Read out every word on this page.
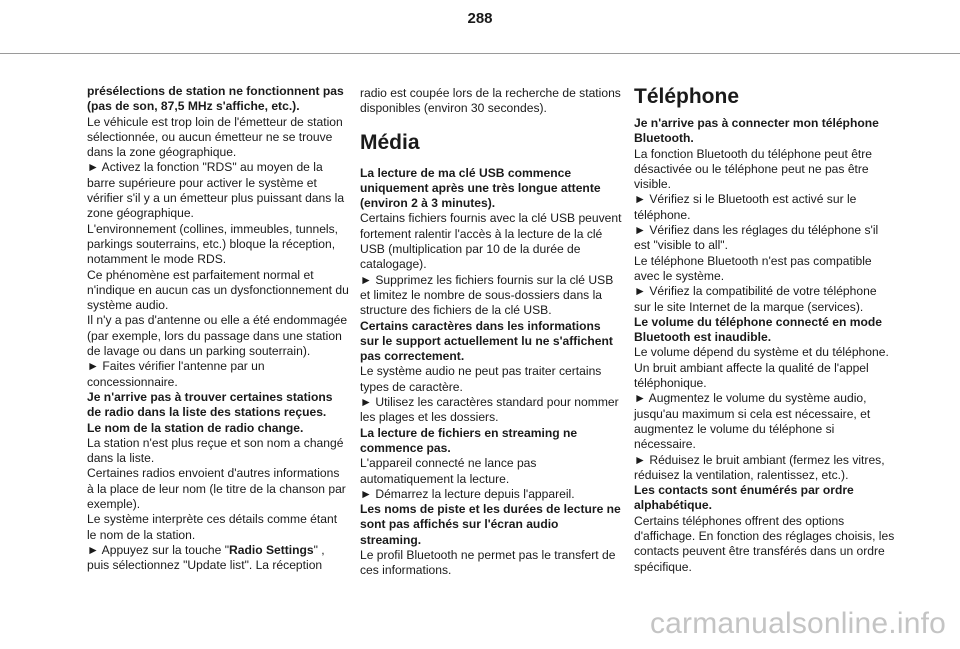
288

présélections de station ne fonctionnent pas (pas de son, 87,5 MHz s'affiche, etc.).

Le véhicule est trop loin de l'émetteur de station sélectionnée, ou aucun émetteur ne se trouve dans la zone géographique.

► Activez la fonction "RDS" au moyen de la barre supérieure pour activer le système et vérifier s'il y a un émetteur plus puissant dans la zone géographique.

L'environnement (collines, immeubles, tunnels, parkings souterrains, etc.) bloque la réception, notamment le mode RDS.

Ce phénomène est parfaitement normal et n'indique en aucun cas un dysfonctionnement du système audio.

Il n'y a pas d'antenne ou elle a été endommagée (par exemple, lors du passage dans une station de lavage ou dans un parking souterrain).

► Faites vérifier l'antenne par un concessionnaire.

Je n'arrive pas à trouver certaines stations de radio dans la liste des stations reçues.

Le nom de la station de radio change.

La station n'est plus reçue et son nom a changé dans la liste.

Certaines radios envoient d'autres informations à la place de leur nom (le titre de la chanson par exemple).

Le système interprète ces détails comme étant le nom de la station.

► Appuyez sur la touche "Radio Settings" , puis sélectionnez "Update list". La réception

radio est coupée lors de la recherche de stations disponibles (environ 30 secondes).

Média

La lecture de ma clé USB commence uniquement après une très longue attente (environ 2 à 3 minutes).

Certains fichiers fournis avec la clé USB peuvent fortement ralentir l'accès à la lecture de la clé USB (multiplication par 10 de la durée de catalogage).

► Supprimez les fichiers fournis sur la clé USB et limitez le nombre de sous-dossiers dans la structure des fichiers de la clé USB.

Certains caractères dans les informations sur le support actuellement lu ne s'affichent pas correctement.

Le système audio ne peut pas traiter certains types de caractère.

► Utilisez les caractères standard pour nommer les plages et les dossiers.

La lecture de fichiers en streaming ne commence pas.

L'appareil connecté ne lance pas automatiquement la lecture.

► Démarrez la lecture depuis l'appareil.

Les noms de piste et les durées de lecture ne sont pas affichés sur l'écran audio streaming.

Le profil Bluetooth ne permet pas le transfert de ces informations.

Téléphone

Je n'arrive pas à connecter mon téléphone Bluetooth.

La fonction Bluetooth du téléphone peut être désactivée ou le téléphone peut ne pas être visible.

► Vérifiez si le Bluetooth est activé sur le téléphone.

► Vérifiez dans les réglages du téléphone s'il est "visible to all".

Le téléphone Bluetooth n'est pas compatible avec le système.

► Vérifiez la compatibilité de votre téléphone sur le site Internet de la marque (services).

Le volume du téléphone connecté en mode Bluetooth est inaudible.

Le volume dépend du système et du téléphone.

Un bruit ambiant affecte la qualité de l'appel téléphonique.

► Augmentez le volume du système audio, jusqu'au maximum si cela est nécessaire, et augmentez le volume du téléphone si nécessaire.

► Réduisez le bruit ambiant (fermez les vitres, réduisez la ventilation, ralentissez, etc.).

Les contacts sont énumérés par ordre alphabétique.

Certains téléphones offrent des options d'affichage. En fonction des réglages choisis, les contacts peuvent être transférés dans un ordre spécifique.

carmanualsonline.info
